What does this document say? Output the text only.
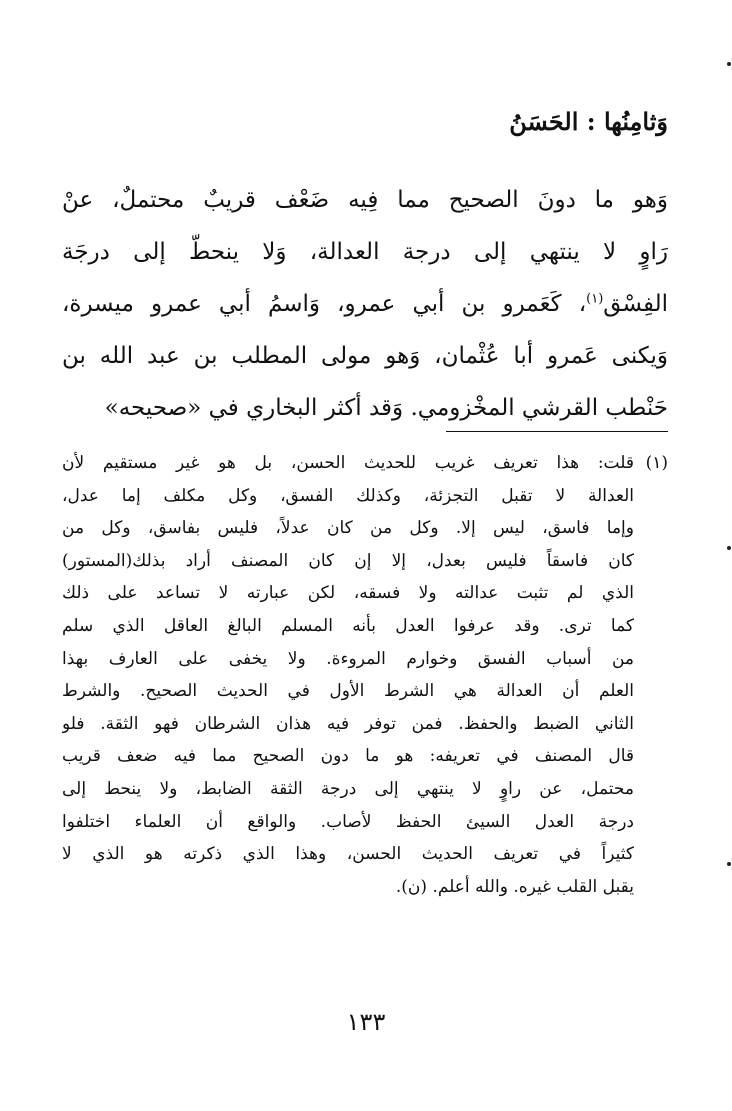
وَثامِنُها : الحَسَنُ
وَهو ما دونَ الصحيح مما فِيه ضَعْف قريبٌ محتملٌ، عنْ
رَاوٍ لا ينتهي إلى درجة العدالة، وَلا ينحطّ إلى درجَة
الفِسْق$^{(١)}$، كَعَمرو بن أبي عمرو، وَاسمُ أبي عمرو ميسرة،
وَيكنى عَمرو أبا عُثْمان، وَهو مولى المطلب بن عبد الله بن
حَنْطب القرشي المخْزومي. وَقد أكثر البخاري في «صحيحه»
(١)
قلت: هذا تعريف غريب للحديث الحسن، بل هو غير مستقيم لأن
العدالة لا تقبل التجزئة، وكذلك الفسق، وكل مكلف إما عدل،
وإما فاسق، ليس إلا. وكل من كان عدلاً، فليس بفاسق، وكل من
كان فاسقاً فليس بعدل، إلا إن كان المصنف أراد بذلك(المستور)
الذي لم تثبت عدالته ولا فسقه، لكن عبارته لا تساعد على ذلك
كما ترى. وقد عرفوا العدل بأنه المسلم البالغ العاقل الذي سلم
من أسباب الفسق وخوارم المروءة. ولا يخفى على العارف بهذا
العلم أن العدالة هي الشرط الأول في الحديث الصحيح. والشرط
الثاني الضبط والحفظ. فمن توفر فيه هذان الشرطان فهو الثقة. فلو
قال المصنف في تعريفه: هو ما دون الصحيح مما فيه ضعف قريب
محتمل، عن راوٍ لا ينتهي إلى درجة الثقة الضابط، ولا ينحط إلى
درجة العدل السيئ الحفظ لأصاب. والواقع أن العلماء اختلفوا
كثيراً في تعريف الحديث الحسن، وهذا الذي ذكرته هو الذي لا
يقبل القلب غيره. والله أعلم. (ن).
١٣٣
